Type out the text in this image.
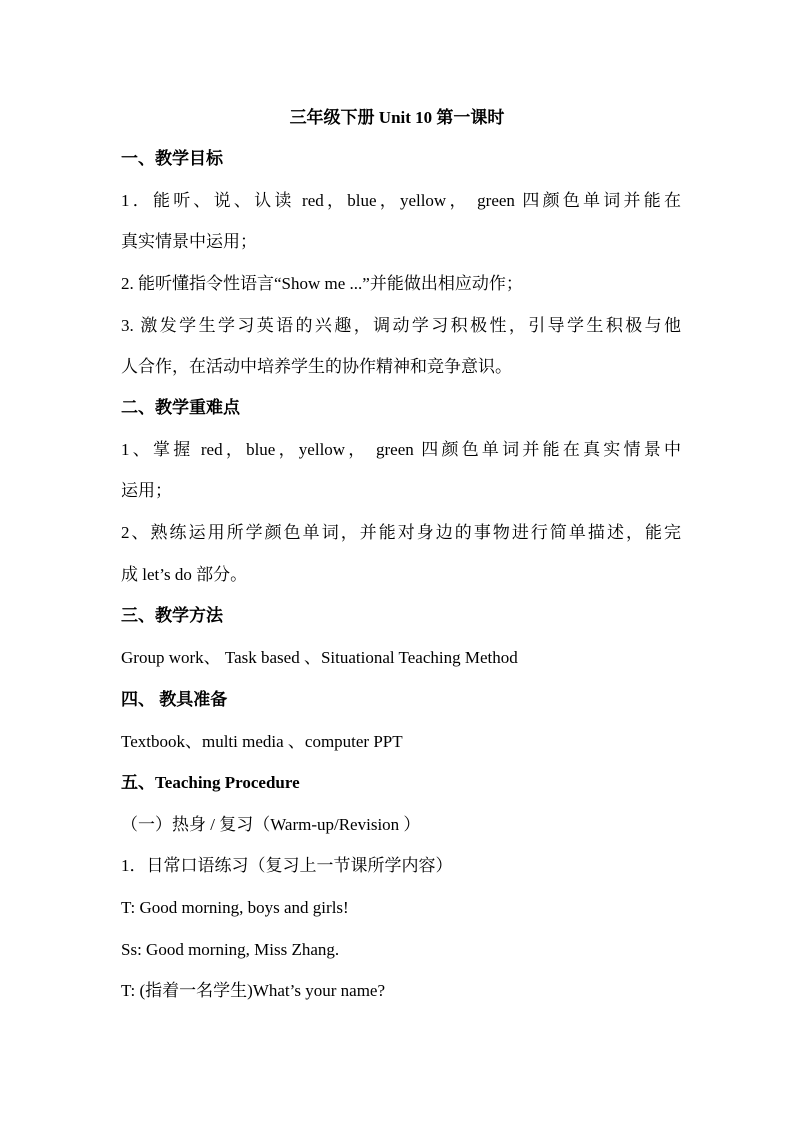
三年级下册 Unit 10 第一课时
一、教学目标
1．能听、说、认读 red，blue，yellow， green 四颜色单词并能在
真实情景中运用；
2. 能听懂指令性语言“Show me ...”并能做出相应动作；
3. 激发学生学习英语的兴趣，调动学习积极性，引导学生积极与他
人合作，在活动中培养学生的协作精神和竞争意识。
二、教学重难点
1、掌握 red，blue，yellow， green 四颜色单词并能在真实情景中
运用；
2、熟练运用所学颜色单词，并能对身边的事物进行简单描述，能完
成 let’s do 部分。
三、教学方法
Group work、 Task based 、Situational Teaching Method
四、 教具准备
Textbook、multi media 、computer PPT
五、Teaching Procedure
（一）热身 / 复习（Warm-up/Revision ）
1．日常口语练习（复习上一节课所学内容）
T: Good morning, boys and girls!
Ss: Good morning, Miss Zhang.
T: (指着一名学生)What’s your name?
